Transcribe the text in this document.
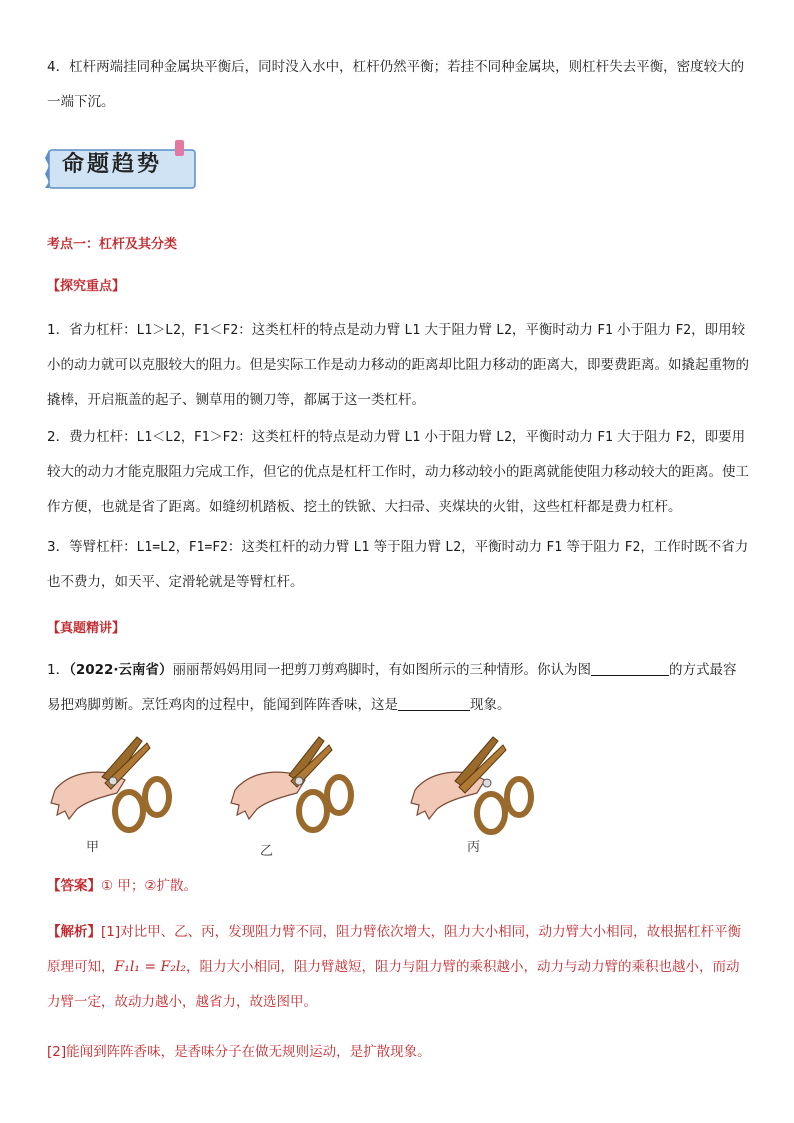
4．杠杆两端挂同种金属块平衡后，同时没入水中，杠杆仍然平衡；若挂不同种金属块，则杠杆失去平衡，密度较大的一端下沉。

命题趋势
考点一：杠杆及其分类
【探究重点】

1．省力杠杆：L1＞L2，F1＜F2：这类杠杆的特点是动力臂 L1 大于阻力臂 L2，平衡时动力 F1 小于阻力 F2，即用较小的动力就可以克服较大的阻力。但是实际工作是动力移动的距离却比阻力移动的距离大，即要费距离。如撬起重物的撬棒，开启瓶盖的起子、铡草用的铡刀等，都属于这一类杠杆。

2．费力杠杆：L1＜L2，F1＞F2：这类杠杆的特点是动力臂 L1 小于阻力臂 L2，平衡时动力 F1 大于阻力 F2，即要用较大的动力才能克服阻力完成工作，但它的优点是杠杆工作时，动力移动较小的距离就能使阻力移动较大的距离。使工作方便，也就是省了距离。如缝纫机踏板、挖土的铁锨、大扫帚、夹煤块的火钳，这些杠杆都是费力杠杆。

3．等臂杠杆：L1=L2，F1=F2：这类杠杆的动力臂 L1 等于阻力臂 L2，平衡时动力 F1 等于阻力 F2，工作时既不省力也不费力，如天平、定滑轮就是等臂杠杆。

【真题精讲】

1．（2022·云南省）丽丽帮妈妈用同一把剪刀剪鸡脚时，有如图所示的三种情形。你认为图	的方式最容易把鸡脚剪断。烹饪鸡肉的过程中，能闻到阵阵香味，这是	现象。

甲	乙	丙

【答案】① 甲；②扩散。

【解析】[1]对比甲、乙、丙，发现阻力臂不同，阻力臂依次增大，阻力大小相同，动力臂大小相同，故根据杠杆平衡原理可知，F₁l₁ = F₂l₂，阻力大小相同，阻力臂越短，阻力与阻力臂的乘积越小，动力与动力臂的乘积也越小，而动力臂一定，故动力越小，越省力，故选图甲。

[2]能闻到阵阵香味，是香味分子在做无规则运动，是扩散现象。
